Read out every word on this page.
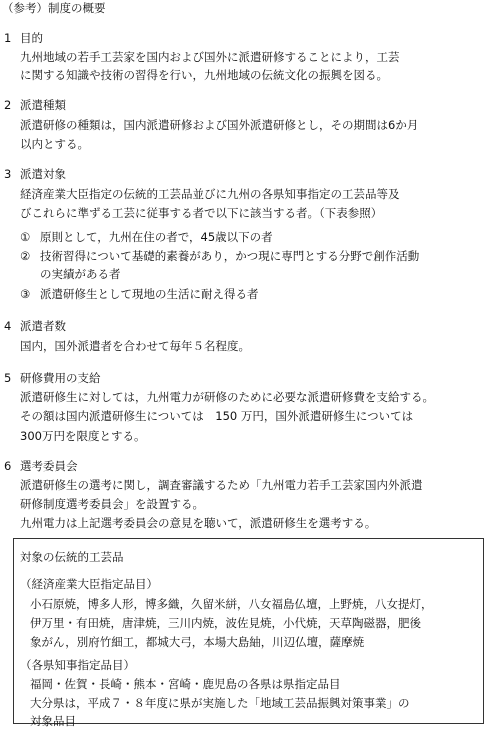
（参考）制度の概要
1 目的
九州地域の若手工芸家を国内および国外に派遣研修することにより，工芸
に関する知識や技術の習得を行い，九州地域の伝統文化の振興を図る。
2 派遣種類
派遣研修の種類は，国内派遣研修および国外派遣研修とし，その期間は6か月
以内とする。
3 派遣対象
経済産業大臣指定の伝統的工芸品並びに九州の各県知事指定の工芸品等及
びこれらに準ずる工芸に従事する者で以下に該当する者。（下表参照）
① 原則として，九州在住の者で，45歳以下の者
② 技術習得について基礎的素養があり，かつ現に専門とする分野で創作活動
の実績がある者
③ 派遣研修生として現地の生活に耐え得る者
4 派遣者数
国内，国外派遣者を合わせて毎年５名程度。
5 研修費用の支給
派遣研修生に対しては，九州電力が研修のために必要な派遣研修費を支給する。
その額は国内派遣研修生については　150 万円，国外派遣研修生については
300万円を限度とする。
6 選考委員会
派遣研修生の選考に関し，調査審議するため「九州電力若手工芸家国内外派遣
研修制度選考委員会」を設置する。
九州電力は上記選考委員会の意見を聴いて，派遣研修生を選考する。
対象の伝統的工芸品
（経済産業大臣指定品目）
小石原焼，博多人形，博多織，久留米絣，八女福島仏壇，上野焼，八女提灯，
伊万里・有田焼，唐津焼，三川内焼，波佐見焼，小代焼，天草陶磁器，肥後
象がん，別府竹細工，都城大弓，本場大島紬，川辺仏壇，薩摩焼
（各県知事指定品目）
福岡・佐賀・長崎・熊本・宮崎・鹿児島の各県は県指定品目
大分県は，平成７・８年度に県が実施した「地域工芸品振興対策事業」の
対象品目
